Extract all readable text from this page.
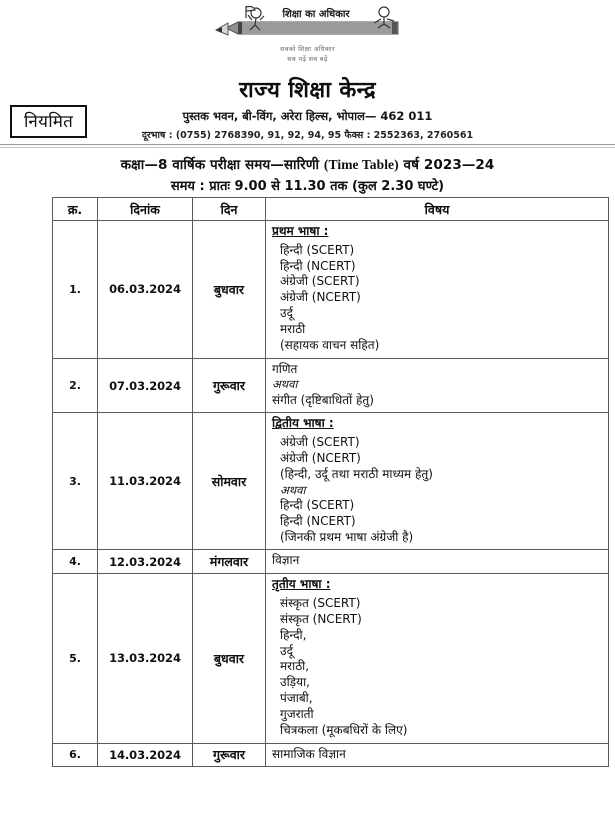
शिक्षा का अधिकार
सबको शिक्षा अधिकार
सब पढ़ें सब बढ़ें
राज्य शिक्षा केन्द्र
पुस्तक भवन, बी-विंग, अरेरा हिल्स, भोपाल— 462 011
दूरभाष : (0755) 2768390, 91, 92, 94, 95 फैक्स : 2552363, 2760561
नियमित
कक्षा—8 वार्षिक परीक्षा समय—सारिणी (Time Table) वर्ष 2023—24
समय : प्रातः 9.00 से 11.30 तक (कुल 2.30 घण्टे)
क्र.	दिनांक	दिन	विषय
1.	06.03.2024	बुधवार	
प्रथम भाषा :
हिन्दी (SCERT)
हिन्दी (NCERT)
अंग्रेजी (SCERT)
अंग्रेजी (NCERT)
उर्दू
मराठी
(सहायक वाचन सहित)

2.	07.03.2024	गुरूवार	गणित
अथवा
संगीत (दृष्टिबाधितों हेतु)

3.	11.03.2024	सोमवार	
द्वितीय भाषा :
अंग्रेजी (SCERT)
अंग्रेजी (NCERT)
(हिन्दी, उर्दू तथा मराठी माध्यम हेतु)
अथवा
हिन्दी (SCERT)
हिन्दी (NCERT)
(जिनकी प्रथम भाषा अंग्रेजी है)

4.	12.03.2024	मंगलवार	विज्ञान

5.	13.03.2024	बुधवार	
तृतीय भाषा :
संस्कृत (SCERT)
संस्कृत (NCERT)
हिन्दी,
उर्दू
मराठी,
उड़िया,
पंजाबी,
गुजराती
चित्रकला (मूकबधिरों के लिए)

6.	14.03.2024	गुरूवार	सामाजिक विज्ञान
